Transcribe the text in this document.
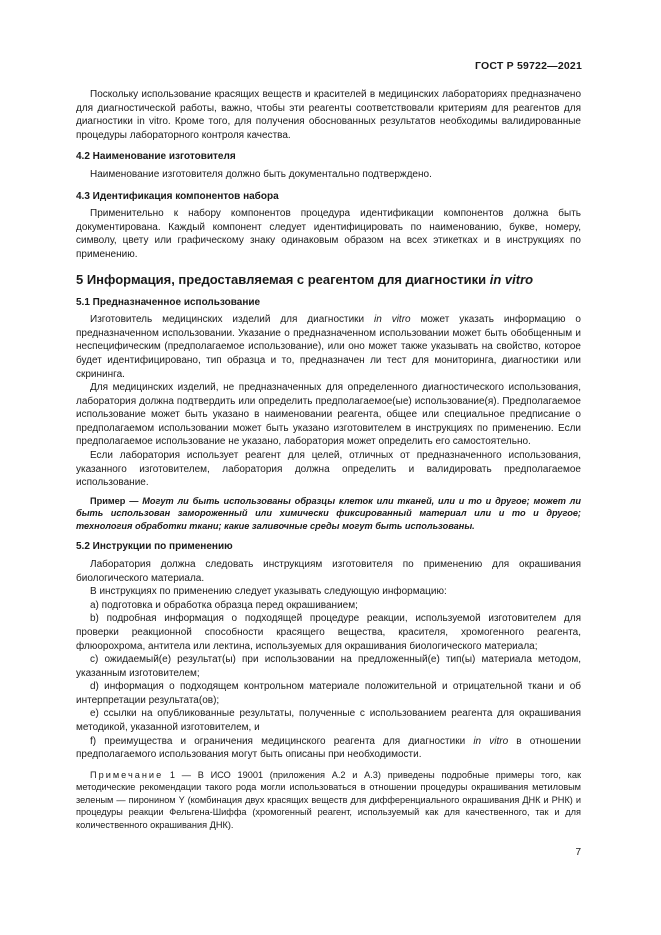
ГОСТ Р 59722—2021

Поскольку использование красящих веществ и красителей в медицинских лабораториях предназначено для диагностической работы, важно, чтобы эти реагенты соответствовали критериям для реагентов для диагностики in vitro. Кроме того, для получения обоснованных результатов необходимы валидированные процедуры лабораторного контроля качества.

4.2 Наименование изготовителя

Наименование изготовителя должно быть документально подтверждено.

4.3 Идентификация компонентов набора

Применительно к набору компонентов процедура идентификации компонентов должна быть документирована. Каждый компонент следует идентифицировать по наименованию, букве, номеру, символу, цвету или графическому знаку одинаковым образом на всех этикетках и в инструкциях по применению.

5 Информация, предоставляемая с реагентом для диагностики in vitro
5.1 Предназначенное использование

Изготовитель медицинских изделий для диагностики in vitro может указать информацию о предназначенном использовании. Указание о предназначенном использовании может быть обобщенным и неспецифическим (предполагаемое использование), или оно может также указывать на свойство, которое будет идентифицировано, тип образца и то, предназначен ли тест для мониторинга, диагностики или скрининга.

Для медицинских изделий, не предназначенных для определенного диагностического использования, лаборатория должна подтвердить или определить предполагаемое(ые) использование(я). Предполагаемое использование может быть указано в наименовании реагента, общее или специальное предписание о предполагаемом использовании может быть указано изготовителем в инструкциях по применению. Если предполагаемое использование не указано, лаборатория может определить его самостоятельно.

Если лаборатория использует реагент для целей, отличных от предназначенного использования, указанного изготовителем, лаборатория должна определить и валидировать предполагаемое использование.

Пример — Могут ли быть использованы образцы клеток или тканей, или и то и другое; может ли быть использован замороженный или химически фиксированный материал или и то и другое; технология обработки ткани; какие заливочные среды могут быть использованы.

5.2 Инструкции по применению

Лаборатория должна следовать инструкциям изготовителя по применению для окрашивания биологического материала.

В инструкциях по применению следует указывать следующую информацию:

a) подготовка и обработка образца перед окрашиванием;

b) подробная информация о подходящей процедуре реакции, используемой изготовителем для проверки реакционной способности красящего вещества, красителя, хромогенного реагента, флюорохрома, антитела или лектина, используемых для окрашивания биологического материала;

c) ожидаемый(е) результат(ы) при использовании на предложенный(е) тип(ы) материала методом, указанным изготовителем;

d) информация о подходящем контрольном материале положительной и отрицательной ткани и об интерпретации результата(ов);

e) ссылки на опубликованные результаты, полученные с использованием реагента для окрашивания методикой, указанной изготовителем, и

f) преимущества и ограничения медицинского реагента для диагностики in vitro в отношении предполагаемого использования могут быть описаны при необходимости.

Примечание 1 — В ИСО 19001 (приложения А.2 и А.3) приведены подробные примеры того, как методические рекомендации такого рода могли использоваться в отношении процедуры окрашивания метиловым зеленым — пиронином Y (комбинация двух красящих веществ для дифференциального окрашивания ДНК и РНК) и процедуры реакции Фельгена-Шиффа (хромогенный реагент, используемый как для качественного, так и для количественного окрашивания ДНК).

7
